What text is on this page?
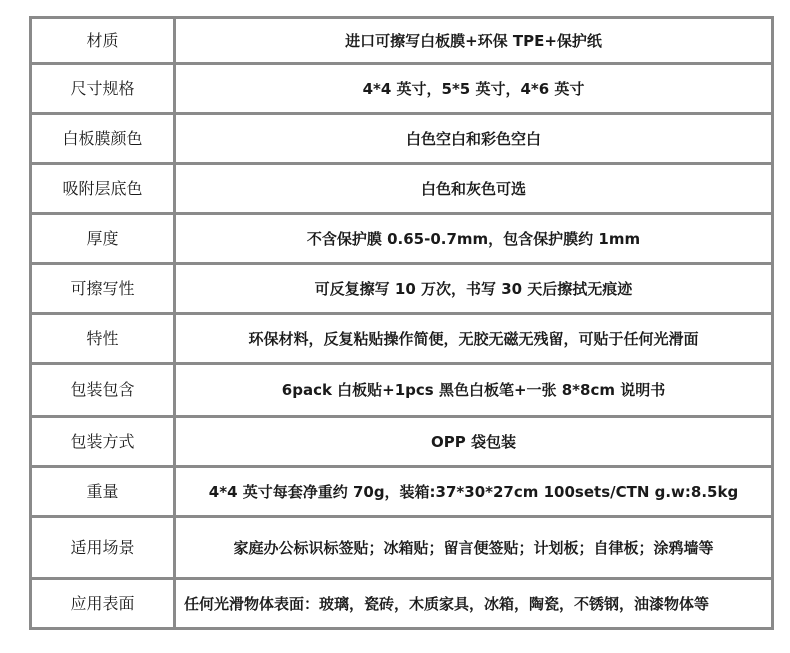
材质	进口可擦写白板膜+环保 TPE+保护纸
尺寸规格	4*4 英寸，5*5 英寸，4*6 英寸
白板膜颜色	白色空白和彩色空白
吸附层底色	白色和灰色可选
厚度	不含保护膜 0.65-0.7mm，包含保护膜约 1mm
可擦写性	可反复擦写 10 万次，书写 30 天后擦拭无痕迹
特性	环保材料，反复粘贴操作简便，无胶无磁无残留，可贴于任何光滑面
包装包含	6pack 白板贴+1pcs 黑色白板笔+一张 8*8cm 说明书
包装方式	OPP 袋包装
重量	4*4 英寸每套净重约 70g，装箱:37*30*27cm 100sets/CTN g.w:8.5kg
适用场景	家庭办公标识标签贴；冰箱贴；留言便签贴；计划板；自律板；涂鸦墙等
应用表面	任何光滑物体表面：玻璃，瓷砖，木质家具，冰箱，陶瓷，不锈钢，油漆物体等
